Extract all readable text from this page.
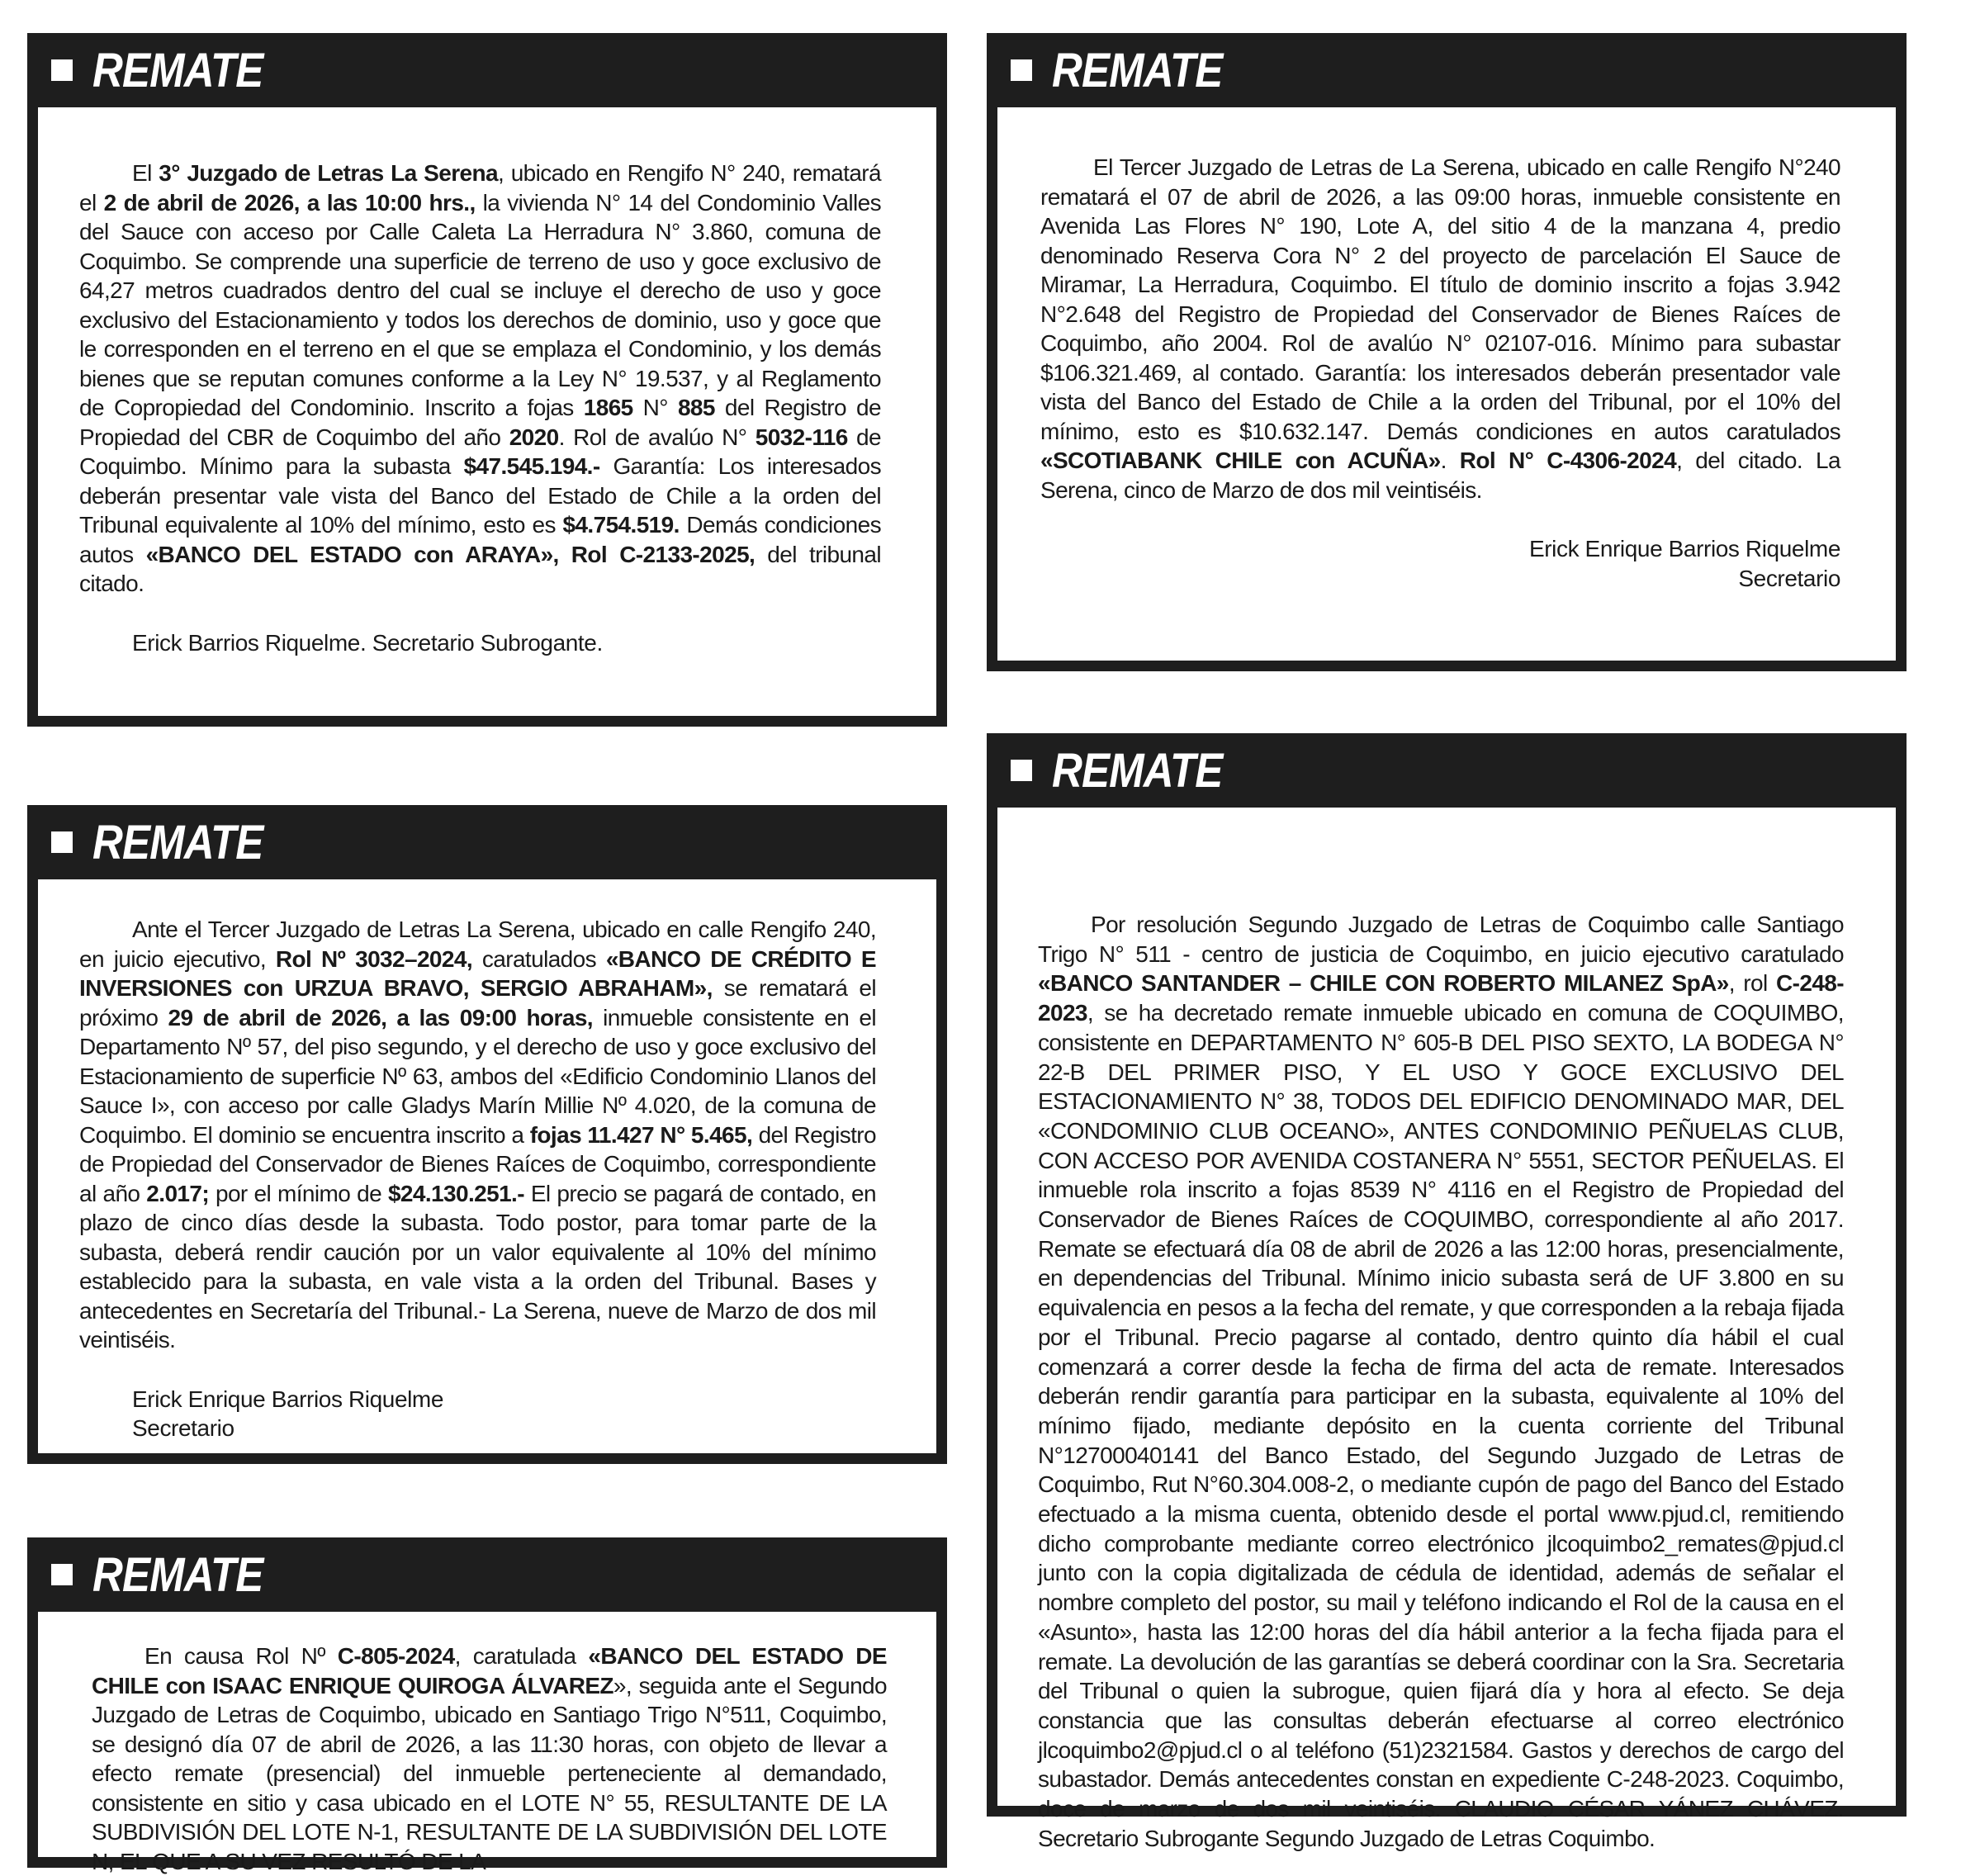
REMATE

El 3° Juzgado de Letras La Serena, ubicado en Rengifo N° 240, rematará el 2 de abril de 2026, a las 10:00 hrs., la vivienda N° 14 del Condominio Valles del Sauce con acceso por Calle Caleta La Herradura N° 3.860, comuna de Coquimbo. Se comprende una superficie de terreno de uso y goce exclusivo de 64,27 metros cuadrados dentro del cual se incluye el derecho de uso y goce exclusivo del Estacionamiento y todos los derechos de dominio, uso y goce que le corresponden en el terreno en el que se emplaza el Condominio, y los demás bienes que se reputan comunes conforme a la Ley N° 19.537, y al Reglamento de Copropiedad del Condominio. Inscrito a fojas 1865 N° 885 del Registro de Propiedad del CBR de Coquimbo del año 2020. Rol de avalúo N° 5032-116 de Coquimbo. Mínimo para la subasta $47.545.194.- Garantía: Los interesados deberán presentar vale vista del Banco del Estado de Chile a la orden del Tribunal equivalente al 10% del mínimo, esto es $4.754.519. Demás condiciones autos «BANCO DEL ESTADO con ARAYA», Rol C-2133-2025, del tribunal citado.

Erick Barrios Riquelme. Secretario Subrogante.
REMATE

El Tercer Juzgado de Letras de La Serena, ubicado en calle Rengifo N°240 rematará el 07 de abril de 2026, a las 09:00 horas, inmueble consistente en Avenida Las Flores N° 190, Lote A, del sitio 4 de la manzana 4, predio denominado Reserva Cora N° 2 del proyecto de parcelación El Sauce de Miramar, La Herradura, Coquimbo. El título de dominio inscrito a fojas 3.942 N°2.648 del Registro de Propiedad del Conservador de Bienes Raíces de Coquimbo, año 2004. Rol de avalúo N° 02107-016. Mínimo para subastar $106.321.469, al contado. Garantía: los interesados deberán presentador vale vista del Banco del Estado de Chile a la orden del Tribunal, por el 10% del mínimo, esto es $10.632.147. Demás condiciones en autos caratulados «SCOTIABANK CHILE con ACUÑA». Rol N° C-4306-2024, del citado. La Serena, cinco de Marzo de dos mil veintiséis.

Erick Enrique Barrios Riquelme
Secretario
REMATE

Ante el Tercer Juzgado de Letras La Serena, ubicado en calle Rengifo 240, en juicio ejecutivo, Rol Nº 3032–2024, caratulados «BANCO DE CRÉDITO E INVERSIONES con URZUA BRAVO, SERGIO ABRAHAM», se rematará el próximo 29 de abril de 2026, a las 09:00 horas, inmueble consistente en el Departamento Nº 57, del piso segundo, y el derecho de uso y goce exclusivo del Estacionamiento de superficie Nº 63, ambos del «Edificio Condominio Llanos del Sauce I», con acceso por calle Gladys Marín Millie Nº 4.020, de la comuna de Coquimbo. El dominio se encuentra inscrito a fojas 11.427 N° 5.465, del Registro de Propiedad del Conservador de Bienes Raíces de Coquimbo, correspondiente al año 2.017; por el mínimo de $24.130.251.- El precio se pagará de contado, en plazo de cinco días desde la subasta. Todo postor, para tomar parte de la subasta, deberá rendir caución por un valor equivalente al 10% del mínimo establecido para la subasta, en vale vista a la orden del Tribunal. Bases y antecedentes en Secretaría del Tribunal.- La Serena, nueve de Marzo de dos mil veintiséis.

Erick Enrique Barrios Riquelme
Secretario
REMATE

Por resolución Segundo Juzgado de Letras de Coquimbo calle Santiago Trigo N° 511 - centro de justicia de Coquimbo, en juicio ejecutivo caratulado «BANCO SANTANDER – CHILE CON ROBERTO MILANEZ SpA», rol C-248-2023, se ha decretado remate inmueble ubicado en comuna de COQUIMBO, consistente en DEPARTAMENTO N° 605-B DEL PISO SEXTO, LA BODEGA N° 22-B DEL PRIMER PISO, Y EL USO Y GOCE EXCLUSIVO DEL ESTACIONAMIENTO N° 38, TODOS DEL EDIFICIO DENOMINADO MAR, DEL «CONDOMINIO CLUB OCEANO», ANTES CONDOMINIO PEÑUELAS CLUB, CON ACCESO POR AVENIDA COSTANERA N° 5551, SECTOR PEÑUELAS. El inmueble rola inscrito a fojas 8539 N° 4116 en el Registro de Propiedad del Conservador de Bienes Raíces de COQUIMBO, correspondiente al año 2017. Remate se efectuará día 08 de abril de 2026 a las 12:00 horas, presencialmente, en dependencias del Tribunal. Mínimo inicio subasta será de UF 3.800 en su equivalencia en pesos a la fecha del remate, y que corresponden a la rebaja fijada por el Tribunal. Precio pagarse al contado, dentro quinto día hábil el cual comenzará a correr desde la fecha de firma del acta de remate. Interesados deberán rendir garantía para participar en la subasta, equivalente al 10% del mínimo fijado, mediante depósito en la cuenta corriente del Tribunal N°12700040141 del Banco Estado, del Segundo Juzgado de Letras de Coquimbo, Rut N°60.304.008-2, o mediante cupón de pago del Banco del Estado efectuado a la misma cuenta, obtenido desde el portal www.pjud.cl, remitiendo dicho comprobante mediante correo electrónico jlcoquimbo2_remates@pjud.cl junto con la copia digitalizada de cédula de identidad, además de señalar el nombre completo del postor, su mail y teléfono indicando el Rol de la causa en el «Asunto», hasta las 12:00 horas del día hábil anterior a la fecha fijada para el remate. La devolución de las garantías se deberá coordinar con la Sra. Secretaria del Tribunal o quien la subrogue, quien fijará día y hora al efecto. Se deja constancia que las consultas deberán efectuarse al correo electrónico jlcoquimbo2@pjud.cl o al teléfono (51)2321584. Gastos y derechos de cargo del subastador. Demás antecedentes constan en expediente C-248-2023. Coquimbo, doce de marzo de dos mil veintiséis. CLAUDIO CÉSAR YÁNEZ CHÁVEZ. Secretario Subrogante Segundo Juzgado de Letras Coquimbo.

REMATE

En causa Rol Nº C-805-2024, caratulada «BANCO DEL ESTADO DE CHILE con ISAAC ENRIQUE QUIROGA ÁLVAREZ», seguida ante el Segundo Juzgado de Letras de Coquimbo, ubicado en Santiago Trigo N°511, Coquimbo, se designó día 07 de abril de 2026, a las 11:30 horas, con objeto de llevar a efecto remate (presencial) del inmueble perteneciente al demandado, consistente en sitio y casa ubicado en el LOTE N° 55, RESULTANTE DE LA SUBDIVISIÓN DEL LOTE N-1, RESULTANTE DE LA SUBDIVISIÓN DEL LOTE N, EL QUE A SU VEZ RESULTÓ DE LA
